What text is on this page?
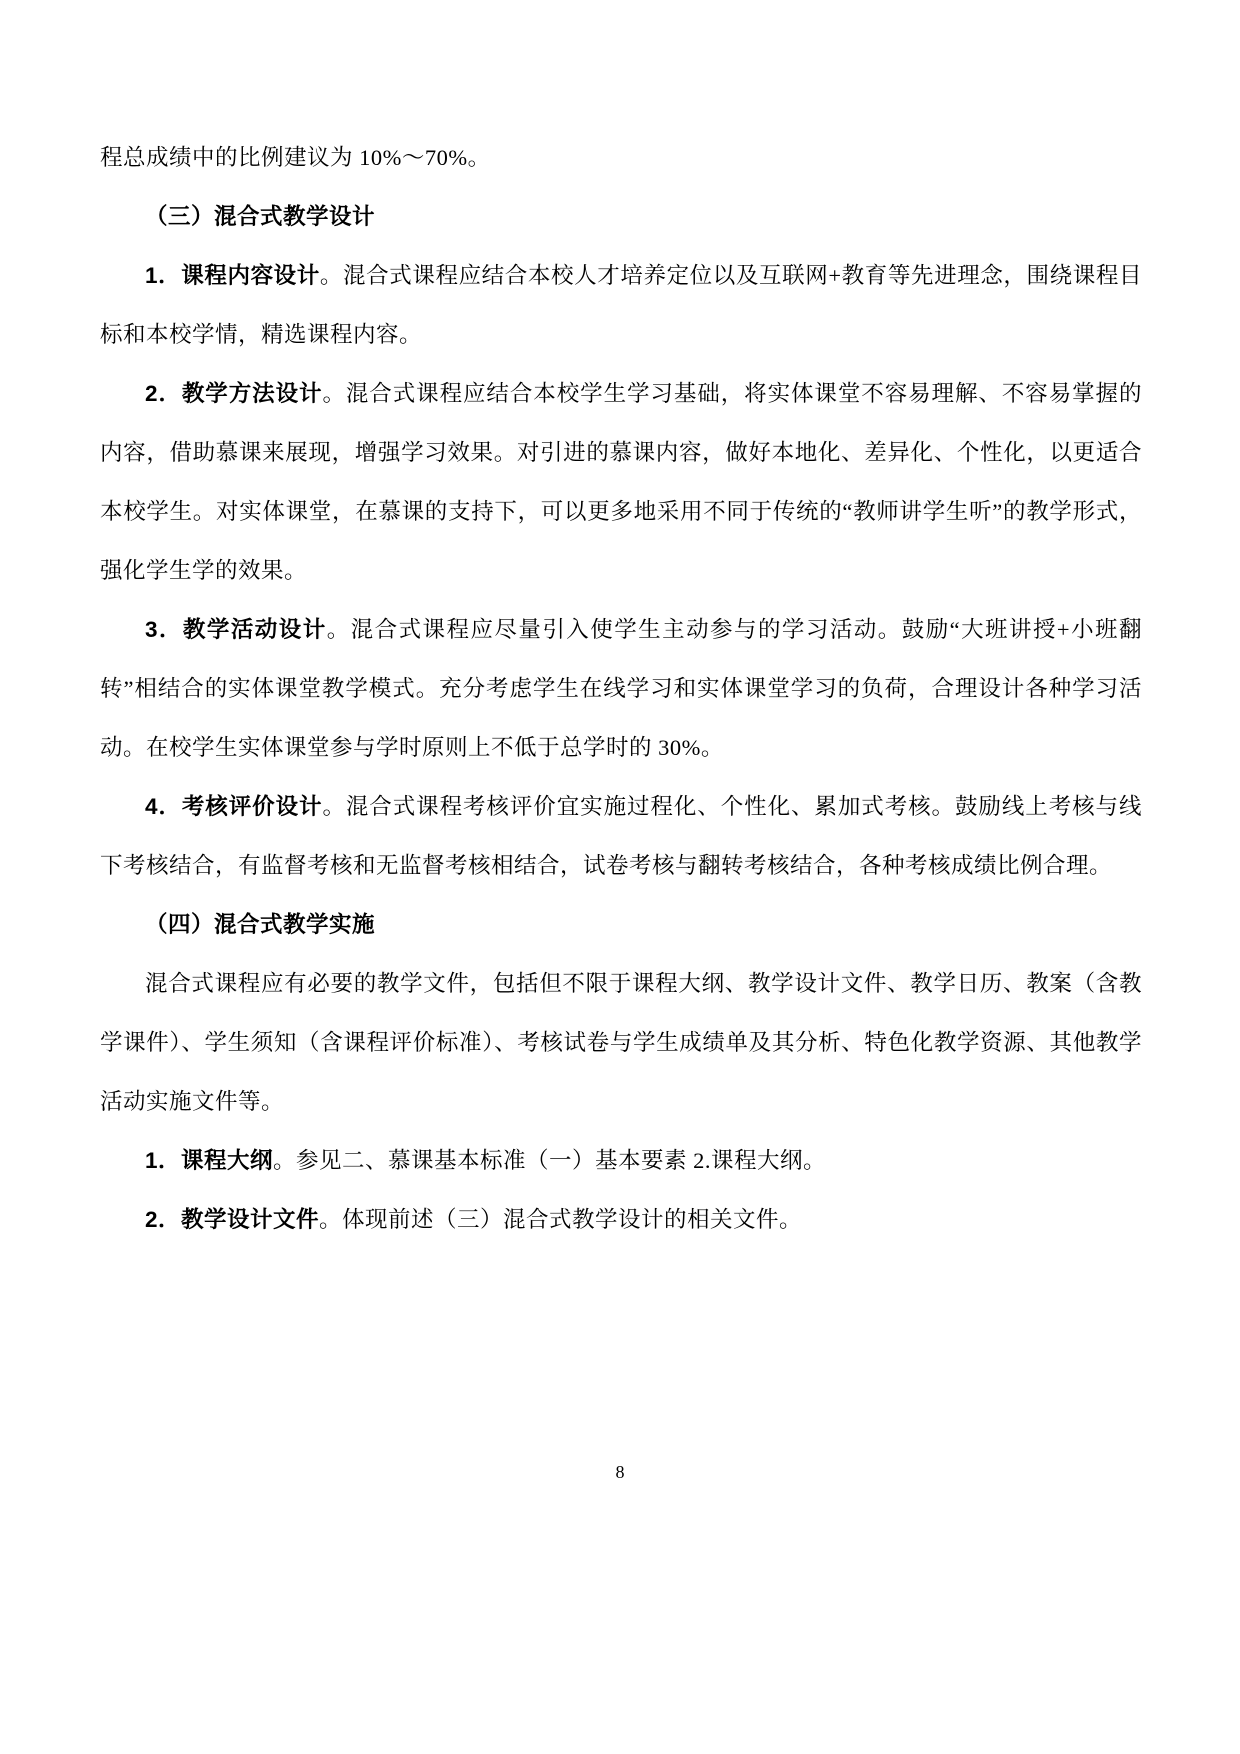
程总成绩中的比例建议为 10%～70%。

（三）混合式教学设计

1．课程内容设计。混合式课程应结合本校人才培养定位以及互联网+教育等先进理念，围绕课程目标和本校学情，精选课程内容。

2．教学方法设计。混合式课程应结合本校学生学习基础，将实体课堂不容易理解、不容易掌握的内容，借助慕课来展现，增强学习效果。对引进的慕课内容，做好本地化、差异化、个性化，以更适合本校学生。对实体课堂，在慕课的支持下，可以更多地采用不同于传统的“教师讲学生听”的教学形式，强化学生学的效果。

3．教学活动设计。混合式课程应尽量引入使学生主动参与的学习活动。鼓励“大班讲授+小班翻转”相结合的实体课堂教学模式。充分考虑学生在线学习和实体课堂学习的负荷，合理设计各种学习活动。在校学生实体课堂参与学时原则上不低于总学时的 30%。

4．考核评价设计。混合式课程考核评价宜实施过程化、个性化、累加式考核。鼓励线上考核与线下考核结合，有监督考核和无监督考核相结合，试卷考核与翻转考核结合，各种考核成绩比例合理。

（四）混合式教学实施

混合式课程应有必要的教学文件，包括但不限于课程大纲、教学设计文件、教学日历、教案（含教学课件）、学生须知（含课程评价标准）、考核试卷与学生成绩单及其分析、特色化教学资源、其他教学活动实施文件等。

1．课程大纲。参见二、慕课基本标准（一）基本要素 2.课程大纲。

2．教学设计文件。体现前述（三）混合式教学设计的相关文件。

8
